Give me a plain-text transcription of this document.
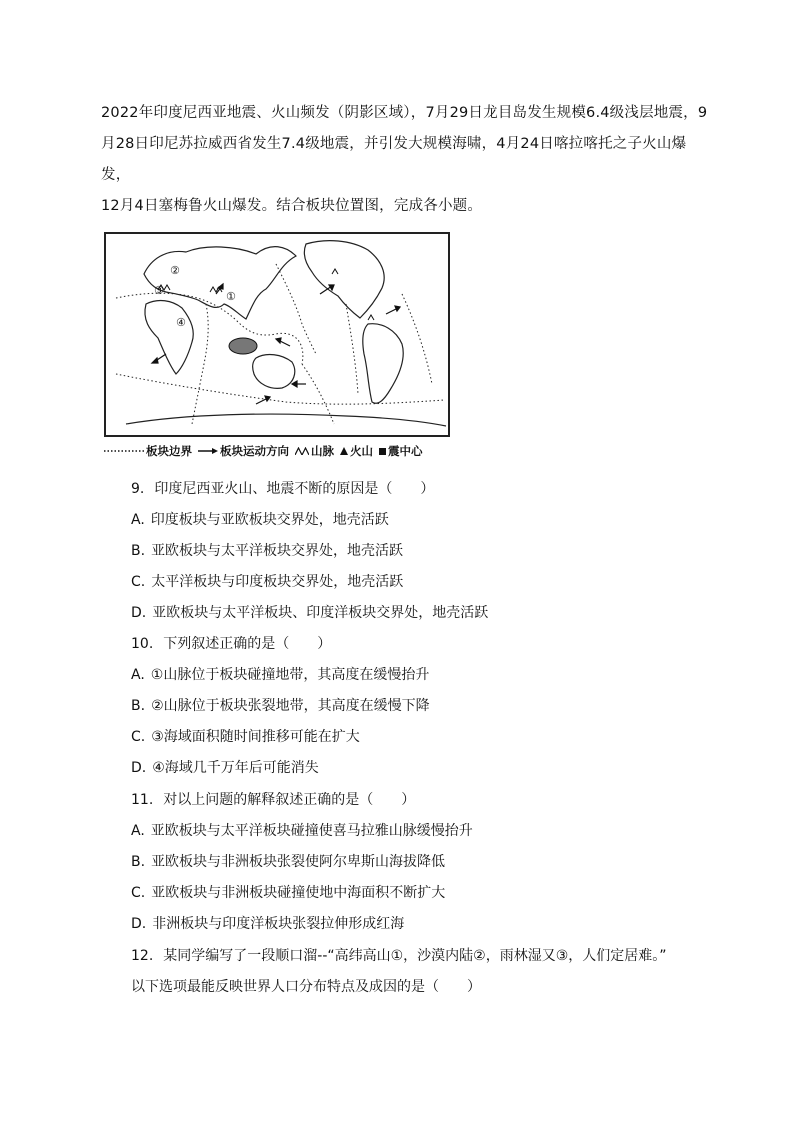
2022年印度尼西亚地震、火山频发（阴影区域），7月29日龙目岛发生规模6.4级浅层地震，9

月28日印尼苏拉威西省发生7.4级地震，并引发大规模海啸，4月24日喀拉喀托之子火山爆发，

12月4日塞梅鲁火山爆发。结合板块位置图，完成各小题。

①
②
③
④
板块边界 板块运动方向 山脉 火山 震中心
9. 印度尼西亚火山、地震不断的原因是（　　）
A. 印度板块与亚欧板块交界处，地壳活跃
B. 亚欧板块与太平洋板块交界处，地壳活跃
C. 太平洋板块与印度板块交界处，地壳活跃
D. 亚欧板块与太平洋板块、印度洋板块交界处，地壳活跃
10. 下列叙述正确的是（　　）
A. ①山脉位于板块碰撞地带，其高度在缓慢抬升
B. ②山脉位于板块张裂地带，其高度在缓慢下降
C. ③海域面积随时间推移可能在扩大
D. ④海域几千万年后可能消失
11. 对以上问题的解释叙述正确的是（　　）
A. 亚欧板块与太平洋板块碰撞使喜马拉雅山脉缓慢抬升
B. 亚欧板块与非洲板块张裂使阿尔卑斯山海拔降低
C. 亚欧板块与非洲板块碰撞使地中海面积不断扩大
D. 非洲板块与印度洋板块张裂拉伸形成红海
12. 某同学编写了一段顺口溜--“高纬高山①，沙漠内陆②，雨林湿又③，人们定居难。”
以下选项最能反映世界人口分布特点及成因的是（　　）
